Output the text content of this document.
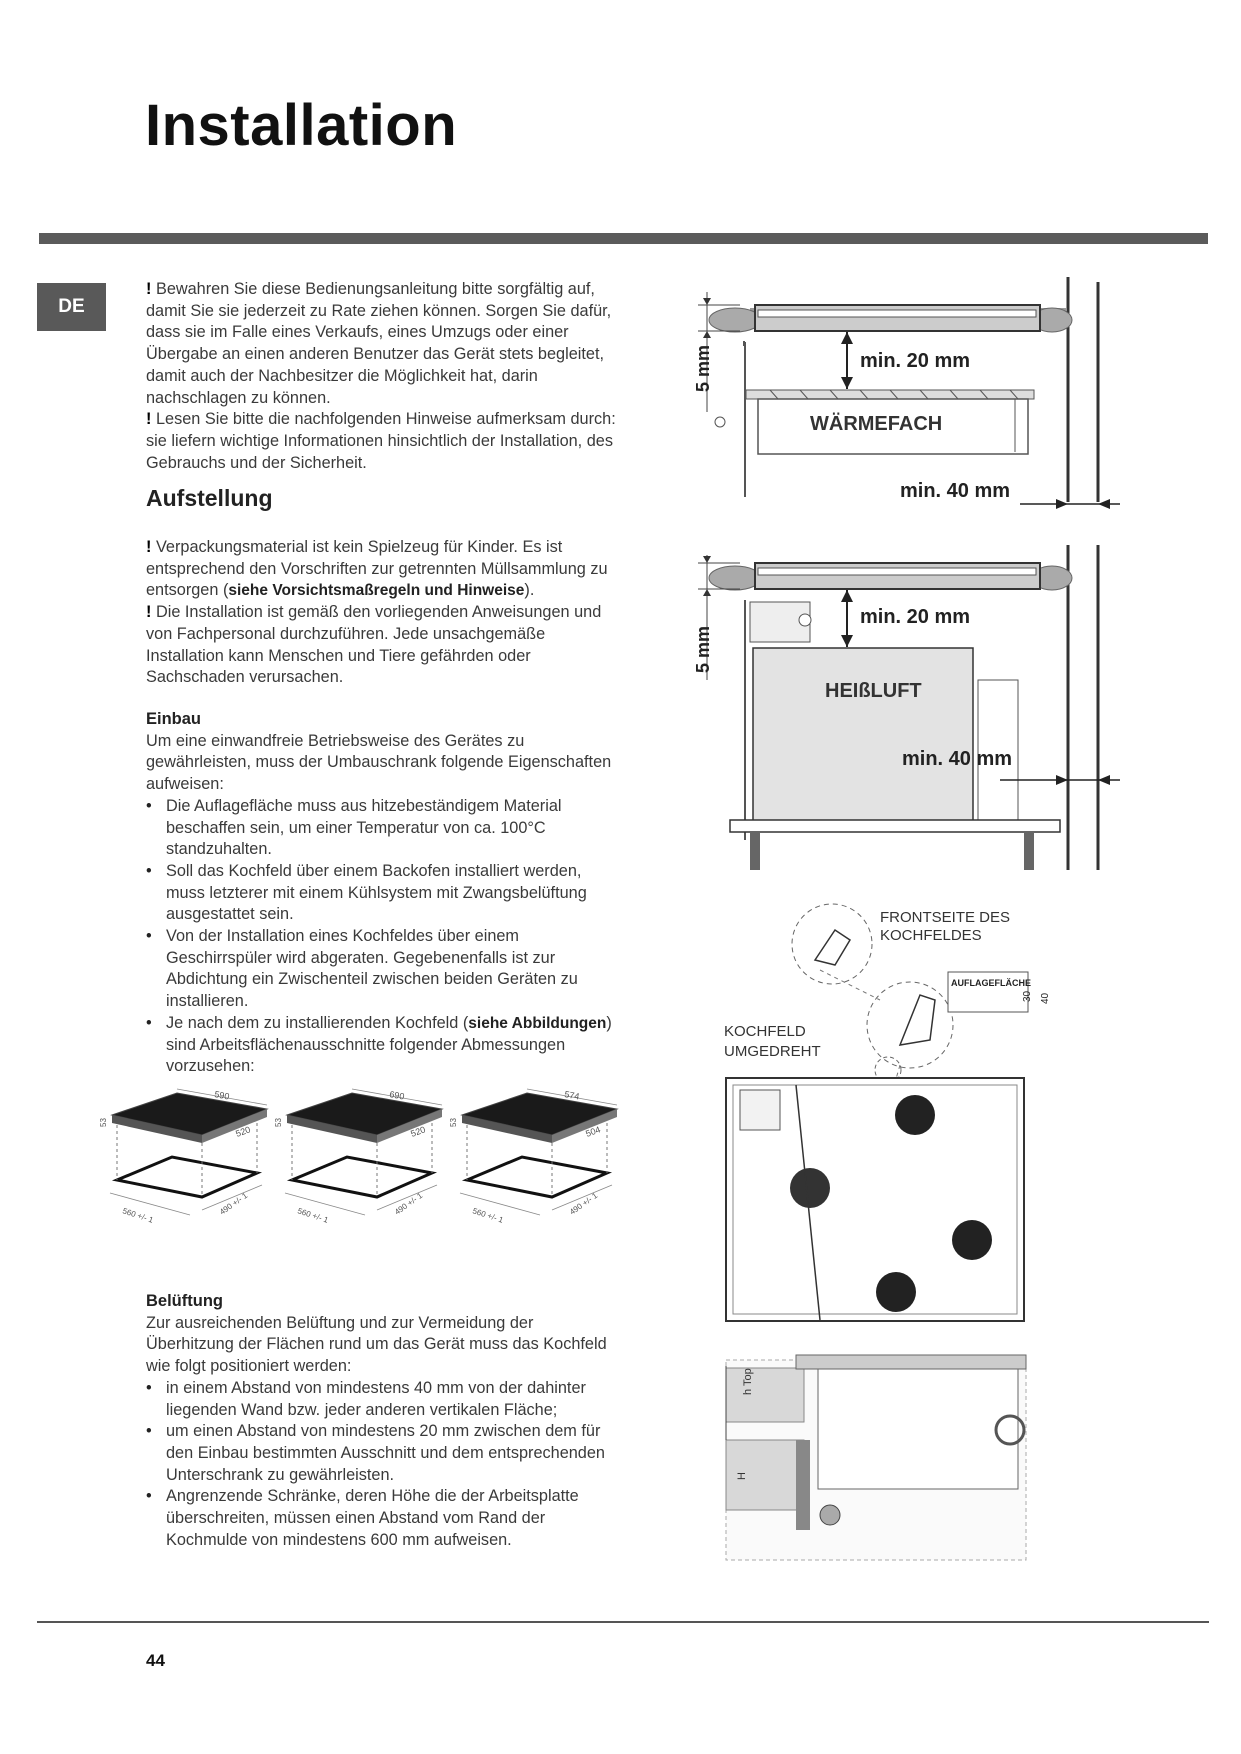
Installation
DE

! Bewahren Sie diese Bedienungsanleitung bitte sorgfältig auf, damit Sie sie jederzeit zu Rate ziehen können. Sorgen Sie dafür, dass sie im Falle eines Verkaufs, eines Umzugs oder einer Übergabe an einen anderen Benutzer das Gerät stets begleitet, damit auch der Nachbesitzer die Möglichkeit hat, darin nachschlagen zu können.

! Lesen Sie bitte die nachfolgenden Hinweise aufmerksam durch: sie liefern wichtige Informationen hinsichtlich der Installation, des Gebrauchs und der Sicherheit.

Aufstellung

! Verpackungsmaterial ist kein Spielzeug für Kinder. Es ist entsprechend den Vorschriften zur getrennten Müllsammlung zu entsorgen (siehe Vorsichtsmaßregeln und Hinweise).

! Die Installation ist gemäß den vorliegenden Anweisungen und von Fachpersonal durchzuführen. Jede unsachgemäße Installation kann Menschen und Tiere gefährden oder Sachschaden verursachen.

Einbau

Um eine einwandfreie Betriebsweise des Gerätes zu gewährleisten, muss der Umbauschrank folgende Eigenschaften aufweisen:

• Die Auflagefläche muss aus hitzebeständigem Material beschaffen sein, um einer Temperatur von ca. 100°C standzuhalten.
• Soll das Kochfeld über einem Backofen installiert werden, muss letzterer mit einem Kühlsystem mit Zwangsbelüftung ausgestattet sein.
• Von der Installation eines Kochfeldes über einem Geschirrspüler wird abgeraten. Gegebenenfalls ist zur Abdichtung ein Zwischenteil zwischen beiden Geräten zu installieren.
• Je nach dem zu installierenden Kochfeld (siehe Abbildungen) sind Arbeitsflächenausschnitte folgender Abmessungen vorzusehen:
590
520
53
560 +/- 1	490 +/- 1
690
520
53
560 +/- 1	490 +/- 1
574
504
53
560 +/- 1	490 +/- 1
Belüftung

Zur ausreichenden Belüftung und zur Vermeidung der Überhitzung der Flächen rund um das Gerät muss das Kochfeld wie folgt positioniert werden:

• in einem Abstand von mindestens 40 mm von der dahinter liegenden Wand bzw. jeder anderen vertikalen Fläche;
• um einen Abstand von mindestens 20 mm zwischen dem für den Einbau bestimmten Ausschnitt und dem entsprechenden Unterschrank zu gewährleisten.
• Angrenzende Schränke, deren Höhe die der Arbeitsplatte überschreiten, müssen einen Abstand vom Rand der Kochmulde von mindestens 600 mm aufweisen.
5 mm	min. 20 mm
WÄRMEFACH
min. 40 mm
5 mm
min. 20 mm
HEIßLUFT
min. 40 mm
FRONTSEITE DES
KOCHFELDES
AUFLAGEFLÄCHE
30 40
KOCHFELD
UMGEDREHT
h Top
H
44
